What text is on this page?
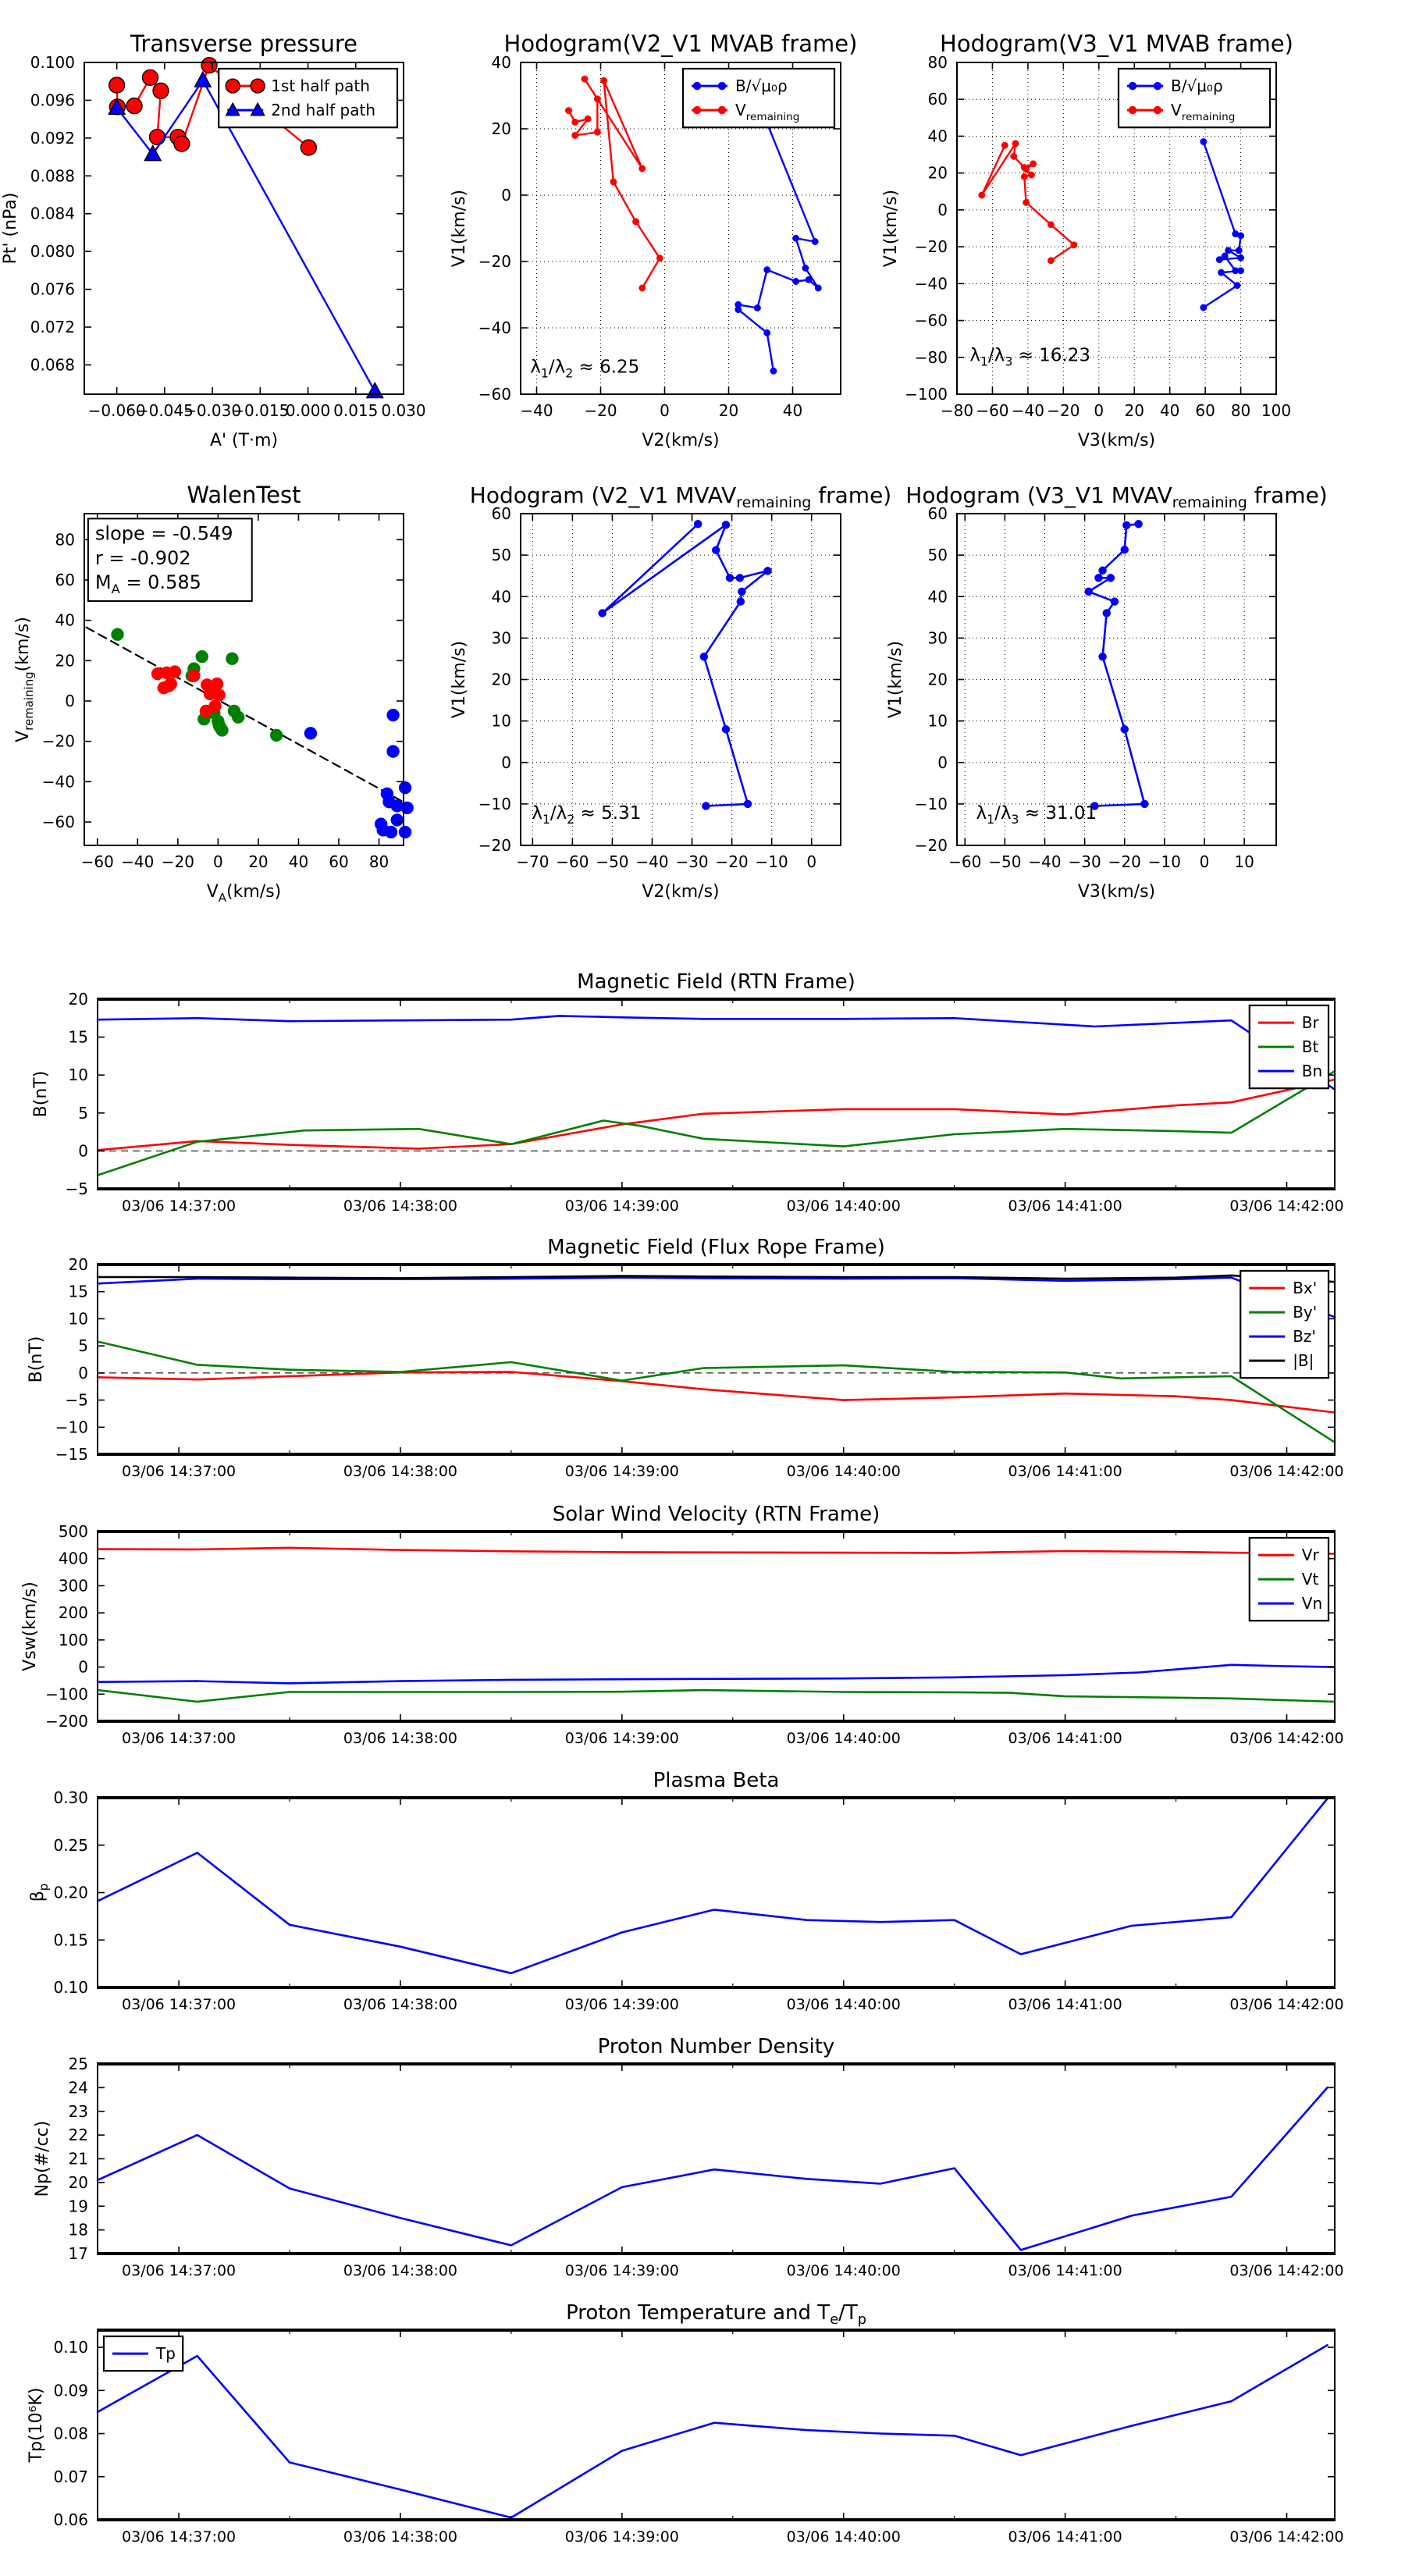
−0.060
−0.045
−0.030
−0.015
0.000 0.015 0.030
0.068
0.072
0.076
0.080
0.084
0.088
0.092
0.096
0.100
Transverse pressure
A' (T·m)
Pt' (nPa)
1st half path
2nd half path
−40 −20	0	20	40
−60
−40
−20
0
20
40
Hodogram(V2_V1 MVAB frame)
V2(km/s)
V1(km/s)
$\lambda_1/\lambda_2 \approx 6.25$
B/√μ₀ρ
$V_{remaining}$
−80 −60 −40 −20 0 20 40 60 80 100
−100
−80
−60
−40
−20
0
20
40
60
80
Hodogram(V3_V1 MVAB frame)
V3(km/s)
V1(km/s)
$\lambda_1/\lambda_3 \approx 16.23$
B/√μ₀ρ
$V_{remaining}$
−60 −40 −20 0 20 40 60 80
−60
−40
−20
0
20
40
60
80
WalenTest
$V_A(km/s)$
$V_{remaining}(km/s)$
slope = -0.549
r = -0.902
$M_A = 0.585$
−70 −60 −50 −40 −30 −20 −10 0
−20
−10
0
10
20
30
40
50
60
Hodogram (V2_V1 $MVAV_{remaining}$ frame)
V2(km/s)
V1(km/s)
$\lambda_1/\lambda_2 \approx 5.31$
−60 −50 −40 −30 −20 −10 0 10
−20
−10
0
10
20
30
40
50
60
Hodogram (V3_V1 $MVAV_{remaining}$ frame)
V3(km/s)
V1(km/s)
$\lambda_1/\lambda_3 \approx 31.01$
03/06 14:37:00	03/06 14:38:00	03/06 14:39:00	03/06 14:40:00	03/06 14:41:00	03/06 14:42:00
−5
0
5
10
15
20
Magnetic Field (RTN Frame)
B(nT)
Br
Bt
Bn
03/06 14:37:00	03/06 14:38:00	03/06 14:39:00	03/06 14:40:00	03/06 14:41:00	03/06 14:42:00
−15
−10
−5
0
5
10
15
20
Magnetic Field (Flux Rope Frame)
B(nT)
Bx'
By'
Bz'
|B|
03/06 14:37:00	03/06 14:38:00	03/06 14:39:00	03/06 14:40:00	03/06 14:41:00	03/06 14:42:00
−200
−100
0
100
200
300
400
500
Solar Wind Velocity (RTN Frame)
Vsw(km/s)
Vr
Vt
Vn
03/06 14:37:00	03/06 14:38:00	03/06 14:39:00	03/06 14:40:00	03/06 14:41:00	03/06 14:42:00
0.10
0.15
0.20
0.25
0.30
Plasma Beta
$\beta_p$
03/06 14:37:00	03/06 14:38:00	03/06 14:39:00	03/06 14:40:00	03/06 14:41:00	03/06 14:42:00
17
18
19
20
21
22
23
24
25
Proton Number Density
Np(#/cc)
03/06 14:37:00	03/06 14:38:00	03/06 14:39:00	03/06 14:40:00	03/06 14:41:00	03/06 14:42:00
0.06
0.07
0.08
0.09
0.10
Proton Temperature and $T_e/T_p$
Tp(10⁶K)
Tp
